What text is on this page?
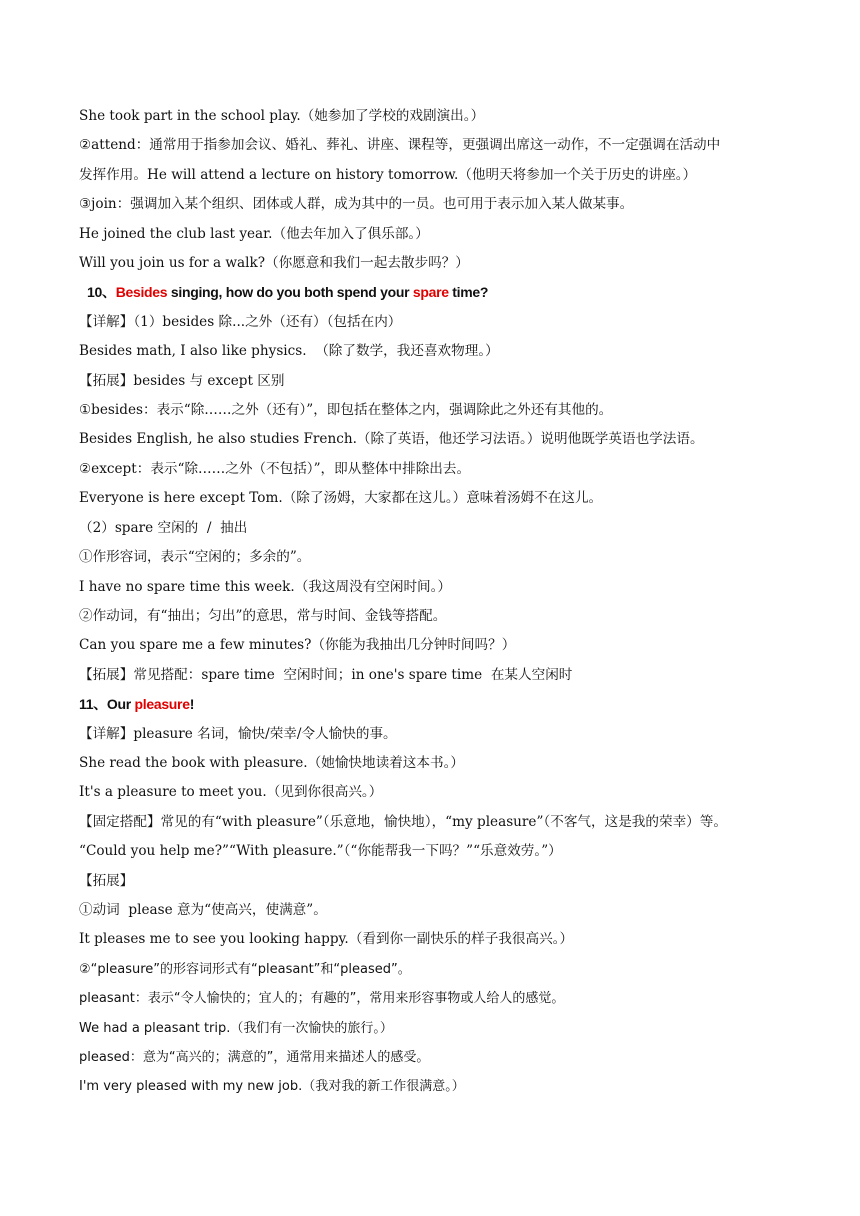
She took part in the school play.（她参加了学校的戏剧演出。）
②attend：通常用于指参加会议、婚礼、葬礼、讲座、课程等，更强调出席这一动作，不一定强调在活动中
发挥作用。He will attend a lecture on history tomorrow.（他明天将参加一个关于历史的讲座。）
③join：强调加入某个组织、团体或人群，成为其中的一员。也可用于表示加入某人做某事。
He joined the club last year.（他去年加入了俱乐部。）
Will you join us for a walk?（你愿意和我们一起去散步吗？）
10、Besides singing, how do you both spend your spare time?
【详解】（1）besides 除...之外（还有）（包括在内）
Besides math, I also like physics.  （除了数学，我还喜欢物理。）
【拓展】besides 与 except 区别
①besides：表示“除……之外（还有）”，即包括在整体之内，强调除此之外还有其他的。
Besides English, he also studies French.（除了英语，他还学习法语。）说明他既学英语也学法语。
②except：表示“除……之外（不包括）”，即从整体中排除出去。
Everyone is here except Tom.（除了汤姆，大家都在这儿。）意味着汤姆不在这儿。
（2）spare 空闲的  /  抽出
①作形容词，表示“空闲的；多余的”。
I have no spare time this week.（我这周没有空闲时间。）
②作动词，有“抽出；匀出”的意思，常与时间、金钱等搭配。
Can you spare me a few minutes?（你能为我抽出几分钟时间吗？）
【拓展】常见搭配：spare time  空闲时间；in one's spare time  在某人空闲时
11、Our pleasure!
【详解】pleasure 名词，愉快/荣幸/令人愉快的事。
She read the book with pleasure.（她愉快地读着这本书。）
It's a pleasure to meet you.（见到你很高兴。）
【固定搭配】常见的有“with pleasure”（乐意地，愉快地），“my pleasure”（不客气，这是我的荣幸）等。
“Could you help me?”“With pleasure.”（“你能帮我一下吗？”“乐意效劳。”）
【拓展】
①动词  please 意为“使高兴，使满意”。
It pleases me to see you looking happy.（看到你一副快乐的样子我很高兴。）
②“pleasure”的形容词形式有“pleasant”和“pleased”。
pleasant：表示“令人愉快的；宜人的；有趣的”，常用来形容事物或人给人的感觉。
We had a pleasant trip.（我们有一次愉快的旅行。）
pleased：意为“高兴的；满意的”，通常用来描述人的感受。
I'm very pleased with my new job.（我对我的新工作很满意。）
